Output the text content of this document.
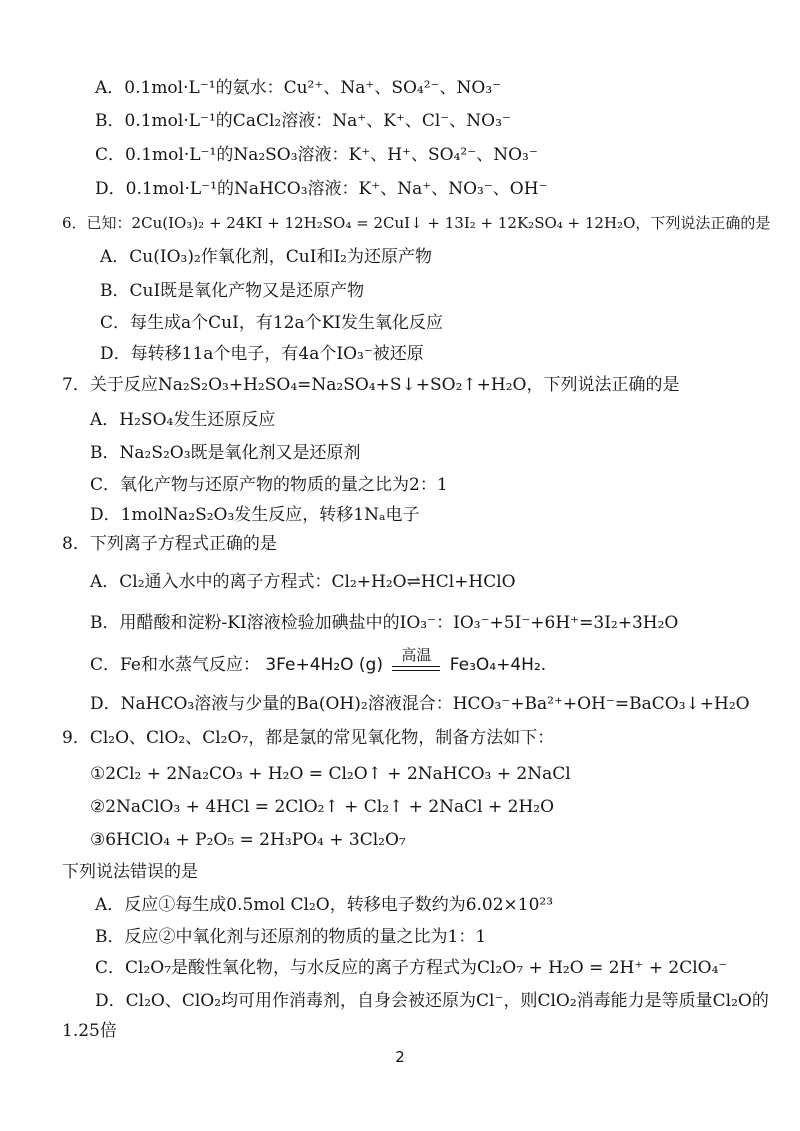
A．0.1mol·L⁻¹的氨水：Cu²⁺、Na⁺、SO₄²⁻、NO₃⁻
B．0.1mol·L⁻¹的CaCl₂溶液：Na⁺、K⁺、Cl⁻、NO₃⁻
C．0.1mol·L⁻¹的Na₂SO₃溶液：K⁺、H⁺、SO₄²⁻、NO₃⁻
D．0.1mol·L⁻¹的NaHCO₃溶液：K⁺、Na⁺、NO₃⁻、OH⁻
6．已知：2Cu(IO₃)₂ + 24KI + 12H₂SO₄ = 2CuI↓ + 13I₂ + 12K₂SO₄ + 12H₂O，下列说法正确的是
A．Cu(IO₃)₂作氧化剂，CuI和I₂为还原产物
B．CuI既是氧化产物又是还原产物
C．每生成a个CuI，有12a个KI发生氧化反应
D．每转移11a个电子，有4a个IO₃⁻被还原
7．关于反应Na₂S₂O₃+H₂SO₄=Na₂SO₄+S↓+SO₂↑+H₂O，下列说法正确的是
A．H₂SO₄发生还原反应
B．Na₂S₂O₃既是氧化剂又是还原剂
C．氧化产物与还原产物的物质的量之比为2：1
D．1molNa₂S₂O₃发生反应，转移1Nₐ电子
8．下列离子方程式正确的是
A．Cl₂通入水中的离子方程式：Cl₂+H₂O⇌HCl+HClO
B．用醋酸和淀粉-KI溶液检验加碘盐中的IO₃⁻：IO₃⁻+5I⁻+6H⁺=3I₂+3H₂O
C．Fe和水蒸气反应： 3Fe+4H₂O (g)	高温	Fe₃O₄+4H₂.
D．NaHCO₃溶液与少量的Ba(OH)₂溶液混合：HCO₃⁻+Ba²⁺+OH⁻=BaCO₃↓+H₂O
9．Cl₂O、ClO₂、Cl₂O₇，都是氯的常见氧化物，制备方法如下：
①2Cl₂ + 2Na₂CO₃ + H₂O = Cl₂O↑ + 2NaHCO₃ + 2NaCl
②2NaClO₃ + 4HCl = 2ClO₂↑ + Cl₂↑ + 2NaCl + 2H₂O
③6HClO₄ + P₂O₅ = 2H₃PO₄ + 3Cl₂O₇
下列说法错误的是
A．反应①每生成0.5mol Cl₂O，转移电子数约为6.02×10²³
B．反应②中氧化剂与还原剂的物质的量之比为1：1
C．Cl₂O₇是酸性氧化物，与水反应的离子方程式为Cl₂O₇ + H₂O = 2H⁺ + 2ClO₄⁻
D．Cl₂O、ClO₂均可用作消毒剂，自身会被还原为Cl⁻，则ClO₂消毒能力是等质量Cl₂O的
1.25倍
2
